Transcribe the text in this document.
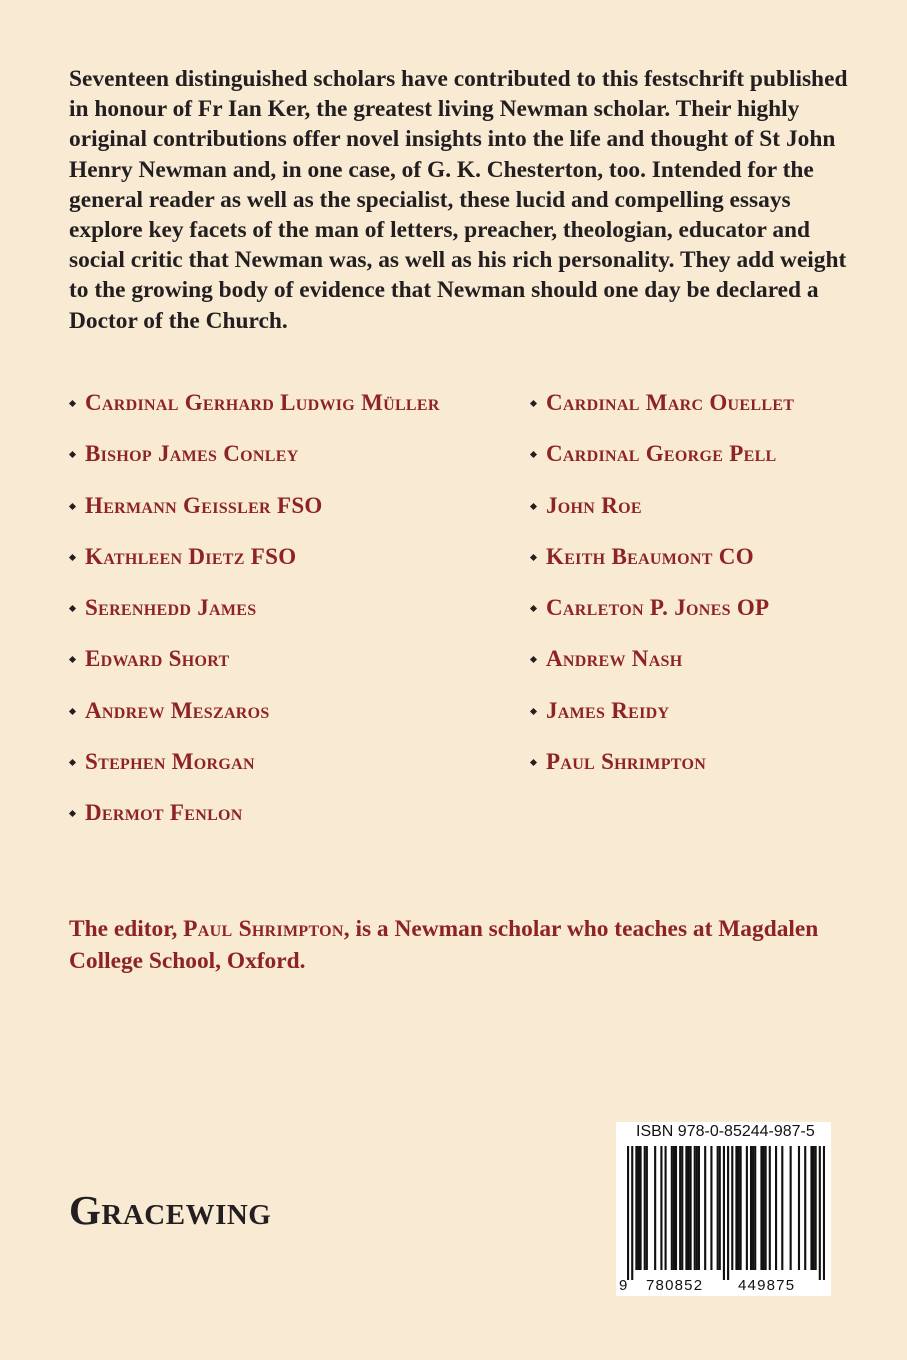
Seventeen distinguished scholars have contributed to this festschrift published in honour of Fr Ian Ker, the greatest living Newman scholar. Their highly original contributions offer novel insights into the life and thought of St John Henry Newman and, in one case, of G. K. Chesterton, too. Intended for the general reader as well as the specialist, these lucid and compelling essays explore key facets of the man of letters, preacher, theologian, educator and social critic that Newman was, as well as his rich personality. They add weight to the growing body of evidence that Newman should one day be declared a Doctor of the Church.

Cardinal Gerhard Ludwig Müller
Bishop James Conley
Hermann Geissler FSO
Kathleen Dietz FSO
Serenhedd James
Edward Short
Andrew Meszaros
Stephen Morgan
Dermot Fenlon
Cardinal Marc Ouellet
Cardinal George Pell
John Roe
Keith Beaumont CO
Carleton P. Jones OP
Andrew Nash
James Reidy
Paul Shrimpton

The editor, Paul Shrimpton, is a Newman scholar who teaches at Magdalen College School, Oxford.

Gracewing
ISBN 978-0-85244-987-5
9 780852 449875
